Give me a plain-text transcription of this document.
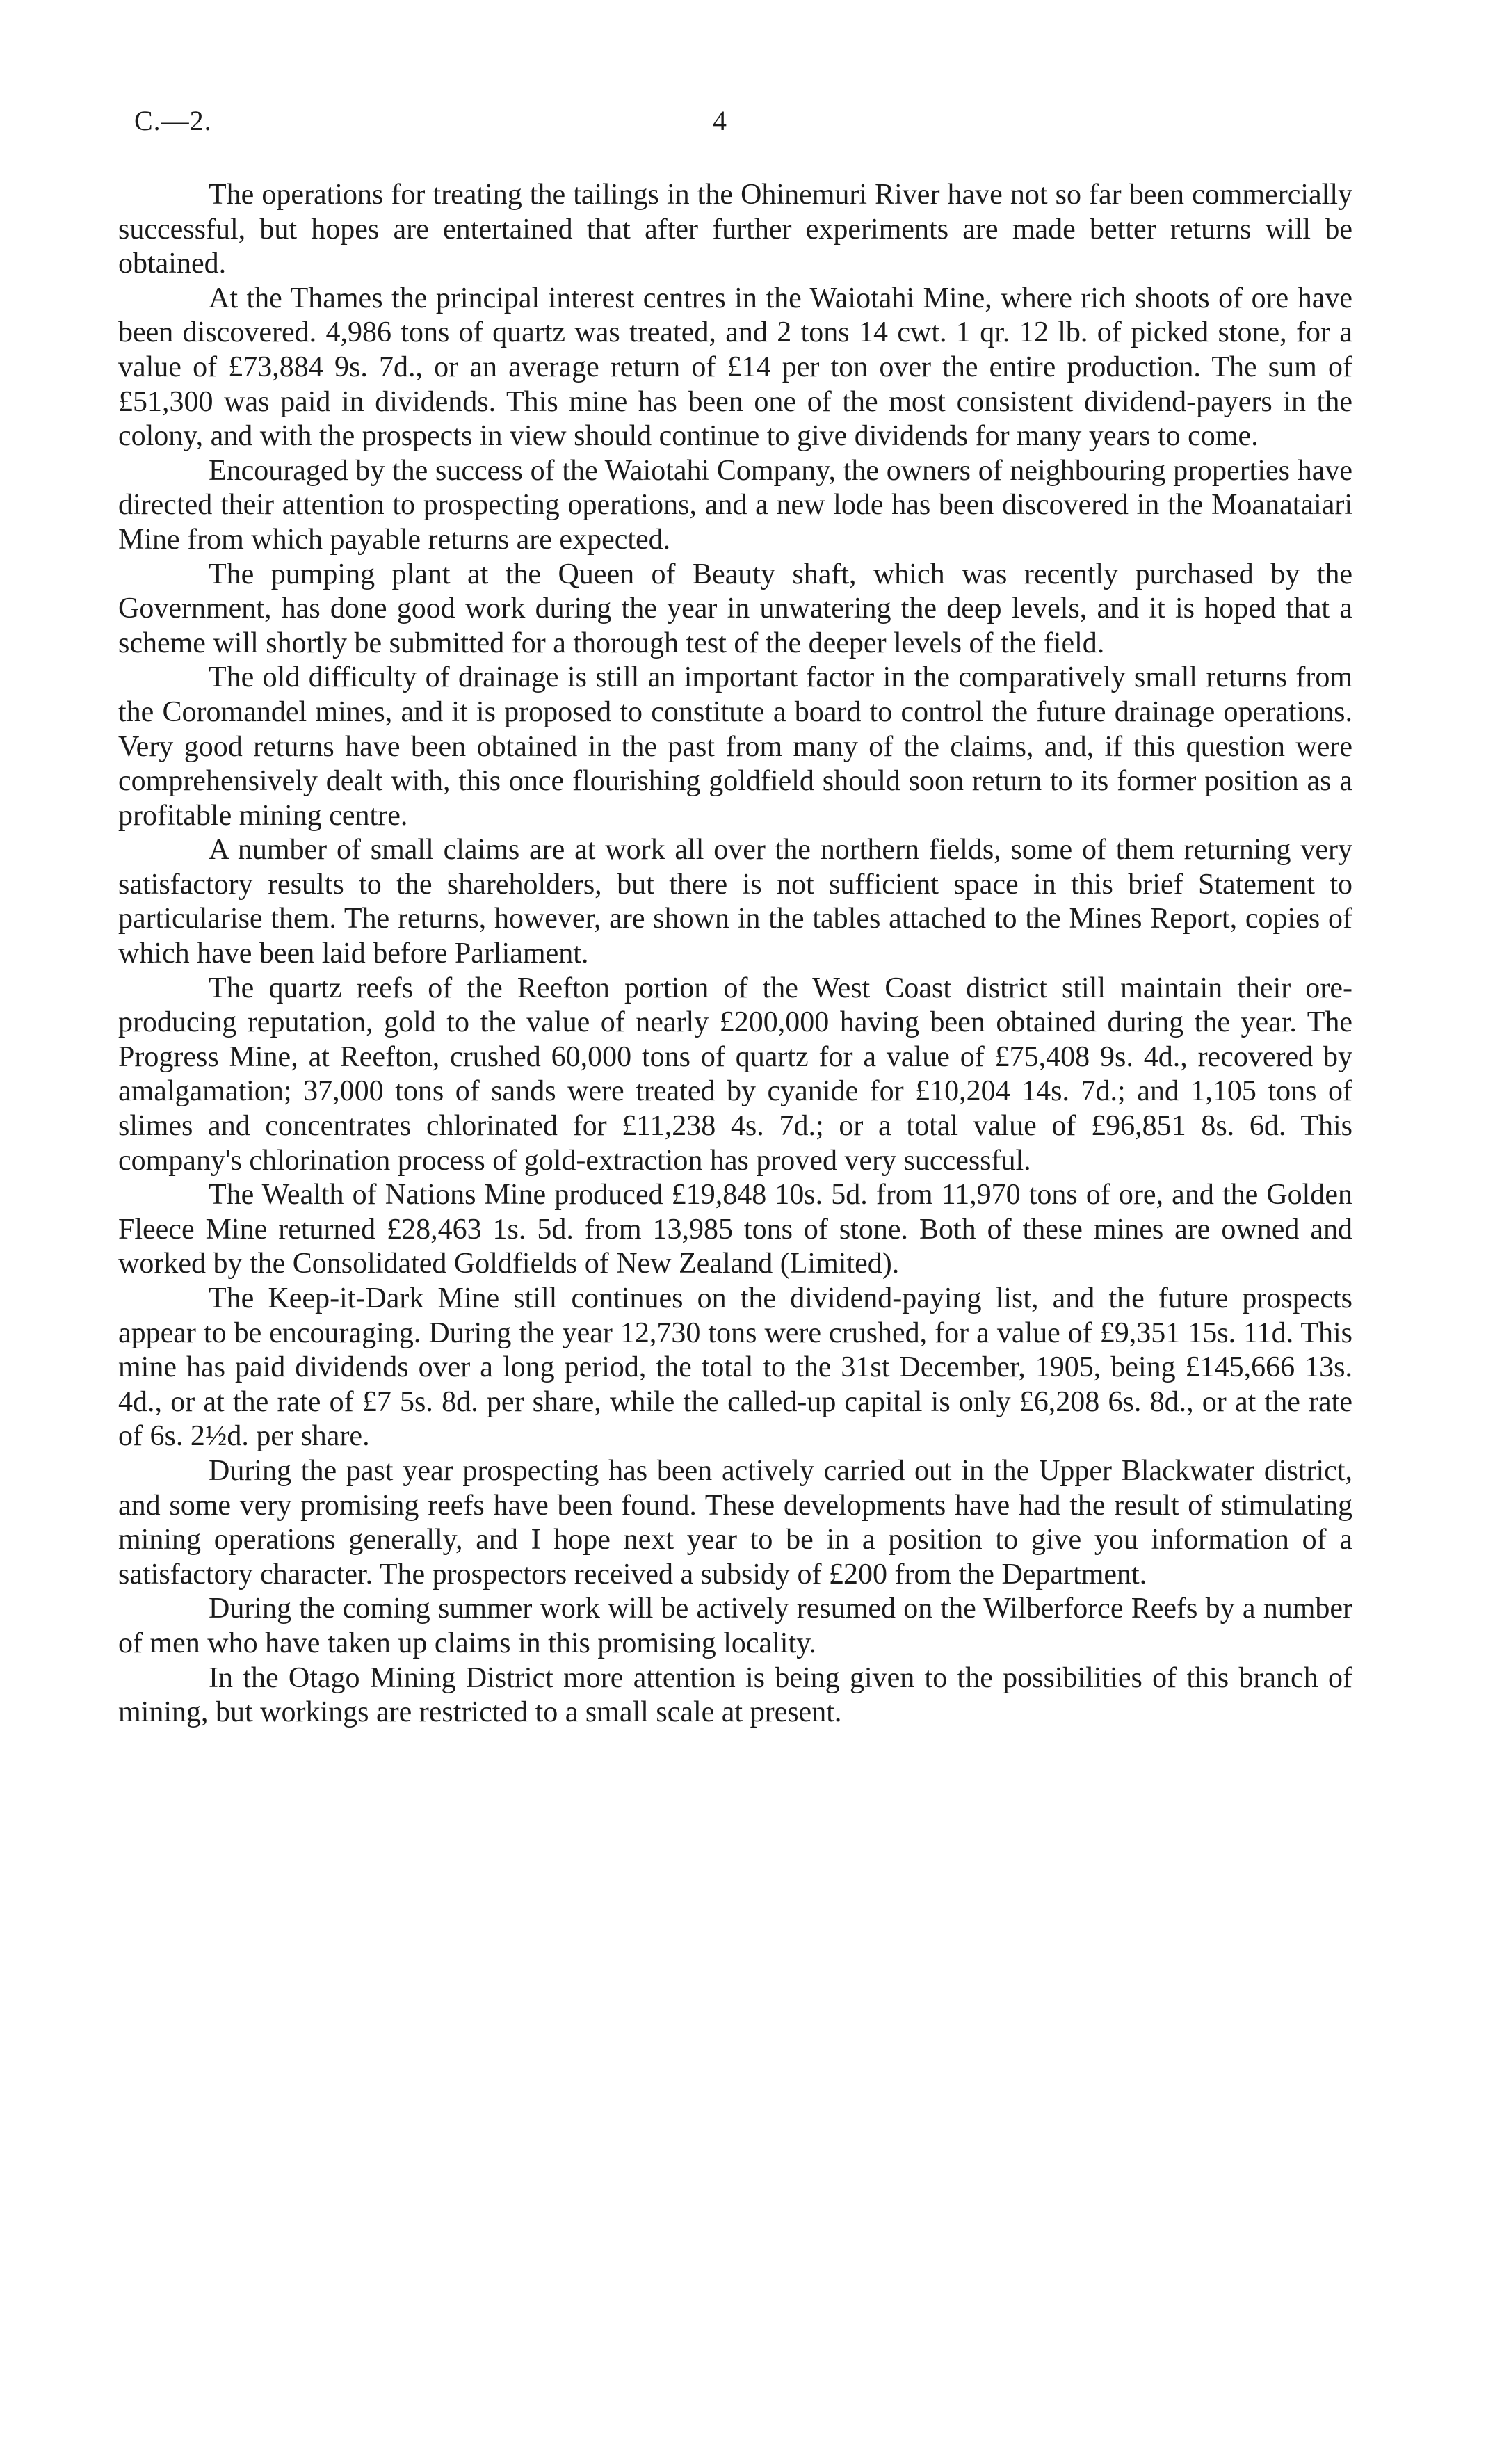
C.—2.	4

The operations for treating the tailings in the Ohinemuri River have not so far been commercially successful, but hopes are entertained that after further experiments are made better returns will be obtained.

At the Thames the principal interest centres in the Waiotahi Mine, where rich shoots of ore have been discovered. 4,986 tons of quartz was treated, and 2 tons 14 cwt. 1 qr. 12 lb. of picked stone, for a value of £73,884 9s. 7d., or an average return of £14 per ton over the entire production. The sum of £51,300 was paid in dividends. This mine has been one of the most consistent dividend-payers in the colony, and with the prospects in view should continue to give dividends for many years to come.

Encouraged by the success of the Waiotahi Company, the owners of neighbouring properties have directed their attention to prospecting operations, and a new lode has been discovered in the Moanataiari Mine from which payable returns are expected.

The pumping plant at the Queen of Beauty shaft, which was recently purchased by the Government, has done good work during the year in unwatering the deep levels, and it is hoped that a scheme will shortly be submitted for a thorough test of the deeper levels of the field.

The old difficulty of drainage is still an important factor in the comparatively small returns from the Coromandel mines, and it is proposed to constitute a board to control the future drainage operations. Very good returns have been obtained in the past from many of the claims, and, if this question were comprehensively dealt with, this once flourishing goldfield should soon return to its former position as a profitable mining centre.

A number of small claims are at work all over the northern fields, some of them returning very satisfactory results to the shareholders, but there is not sufficient space in this brief Statement to particularise them. The returns, however, are shown in the tables attached to the Mines Report, copies of which have been laid before Parliament.

The quartz reefs of the Reefton portion of the West Coast district still maintain their ore-producing reputation, gold to the value of nearly £200,000 having been obtained during the year. The Progress Mine, at Reefton, crushed 60,000 tons of quartz for a value of £75,408 9s. 4d., recovered by amalgamation; 37,000 tons of sands were treated by cyanide for £10,204 14s. 7d.; and 1,105 tons of slimes and concentrates chlorinated for £11,238 4s. 7d.; or a total value of £96,851 8s. 6d. This company's chlorination process of gold-extraction has proved very successful.

The Wealth of Nations Mine produced £19,848 10s. 5d. from 11,970 tons of ore, and the Golden Fleece Mine returned £28,463 1s. 5d. from 13,985 tons of stone. Both of these mines are owned and worked by the Consolidated Goldfields of New Zealand (Limited).

The Keep-it-Dark Mine still continues on the dividend-paying list, and the future prospects appear to be encouraging. During the year 12,730 tons were crushed, for a value of £9,351 15s. 11d. This mine has paid dividends over a long period, the total to the 31st December, 1905, being £145,666 13s. 4d., or at the rate of £7 5s. 8d. per share, while the called-up capital is only £6,208 6s. 8d., or at the rate of 6s. 2½d. per share.

During the past year prospecting has been actively carried out in the Upper Blackwater district, and some very promising reefs have been found. These developments have had the result of stimulating mining operations generally, and I hope next year to be in a position to give you information of a satisfactory character. The prospectors received a subsidy of £200 from the Department.

During the coming summer work will be actively resumed on the Wilberforce Reefs by a number of men who have taken up claims in this promising locality.

In the Otago Mining District more attention is being given to the possibilities of this branch of mining, but workings are restricted to a small scale at present.
